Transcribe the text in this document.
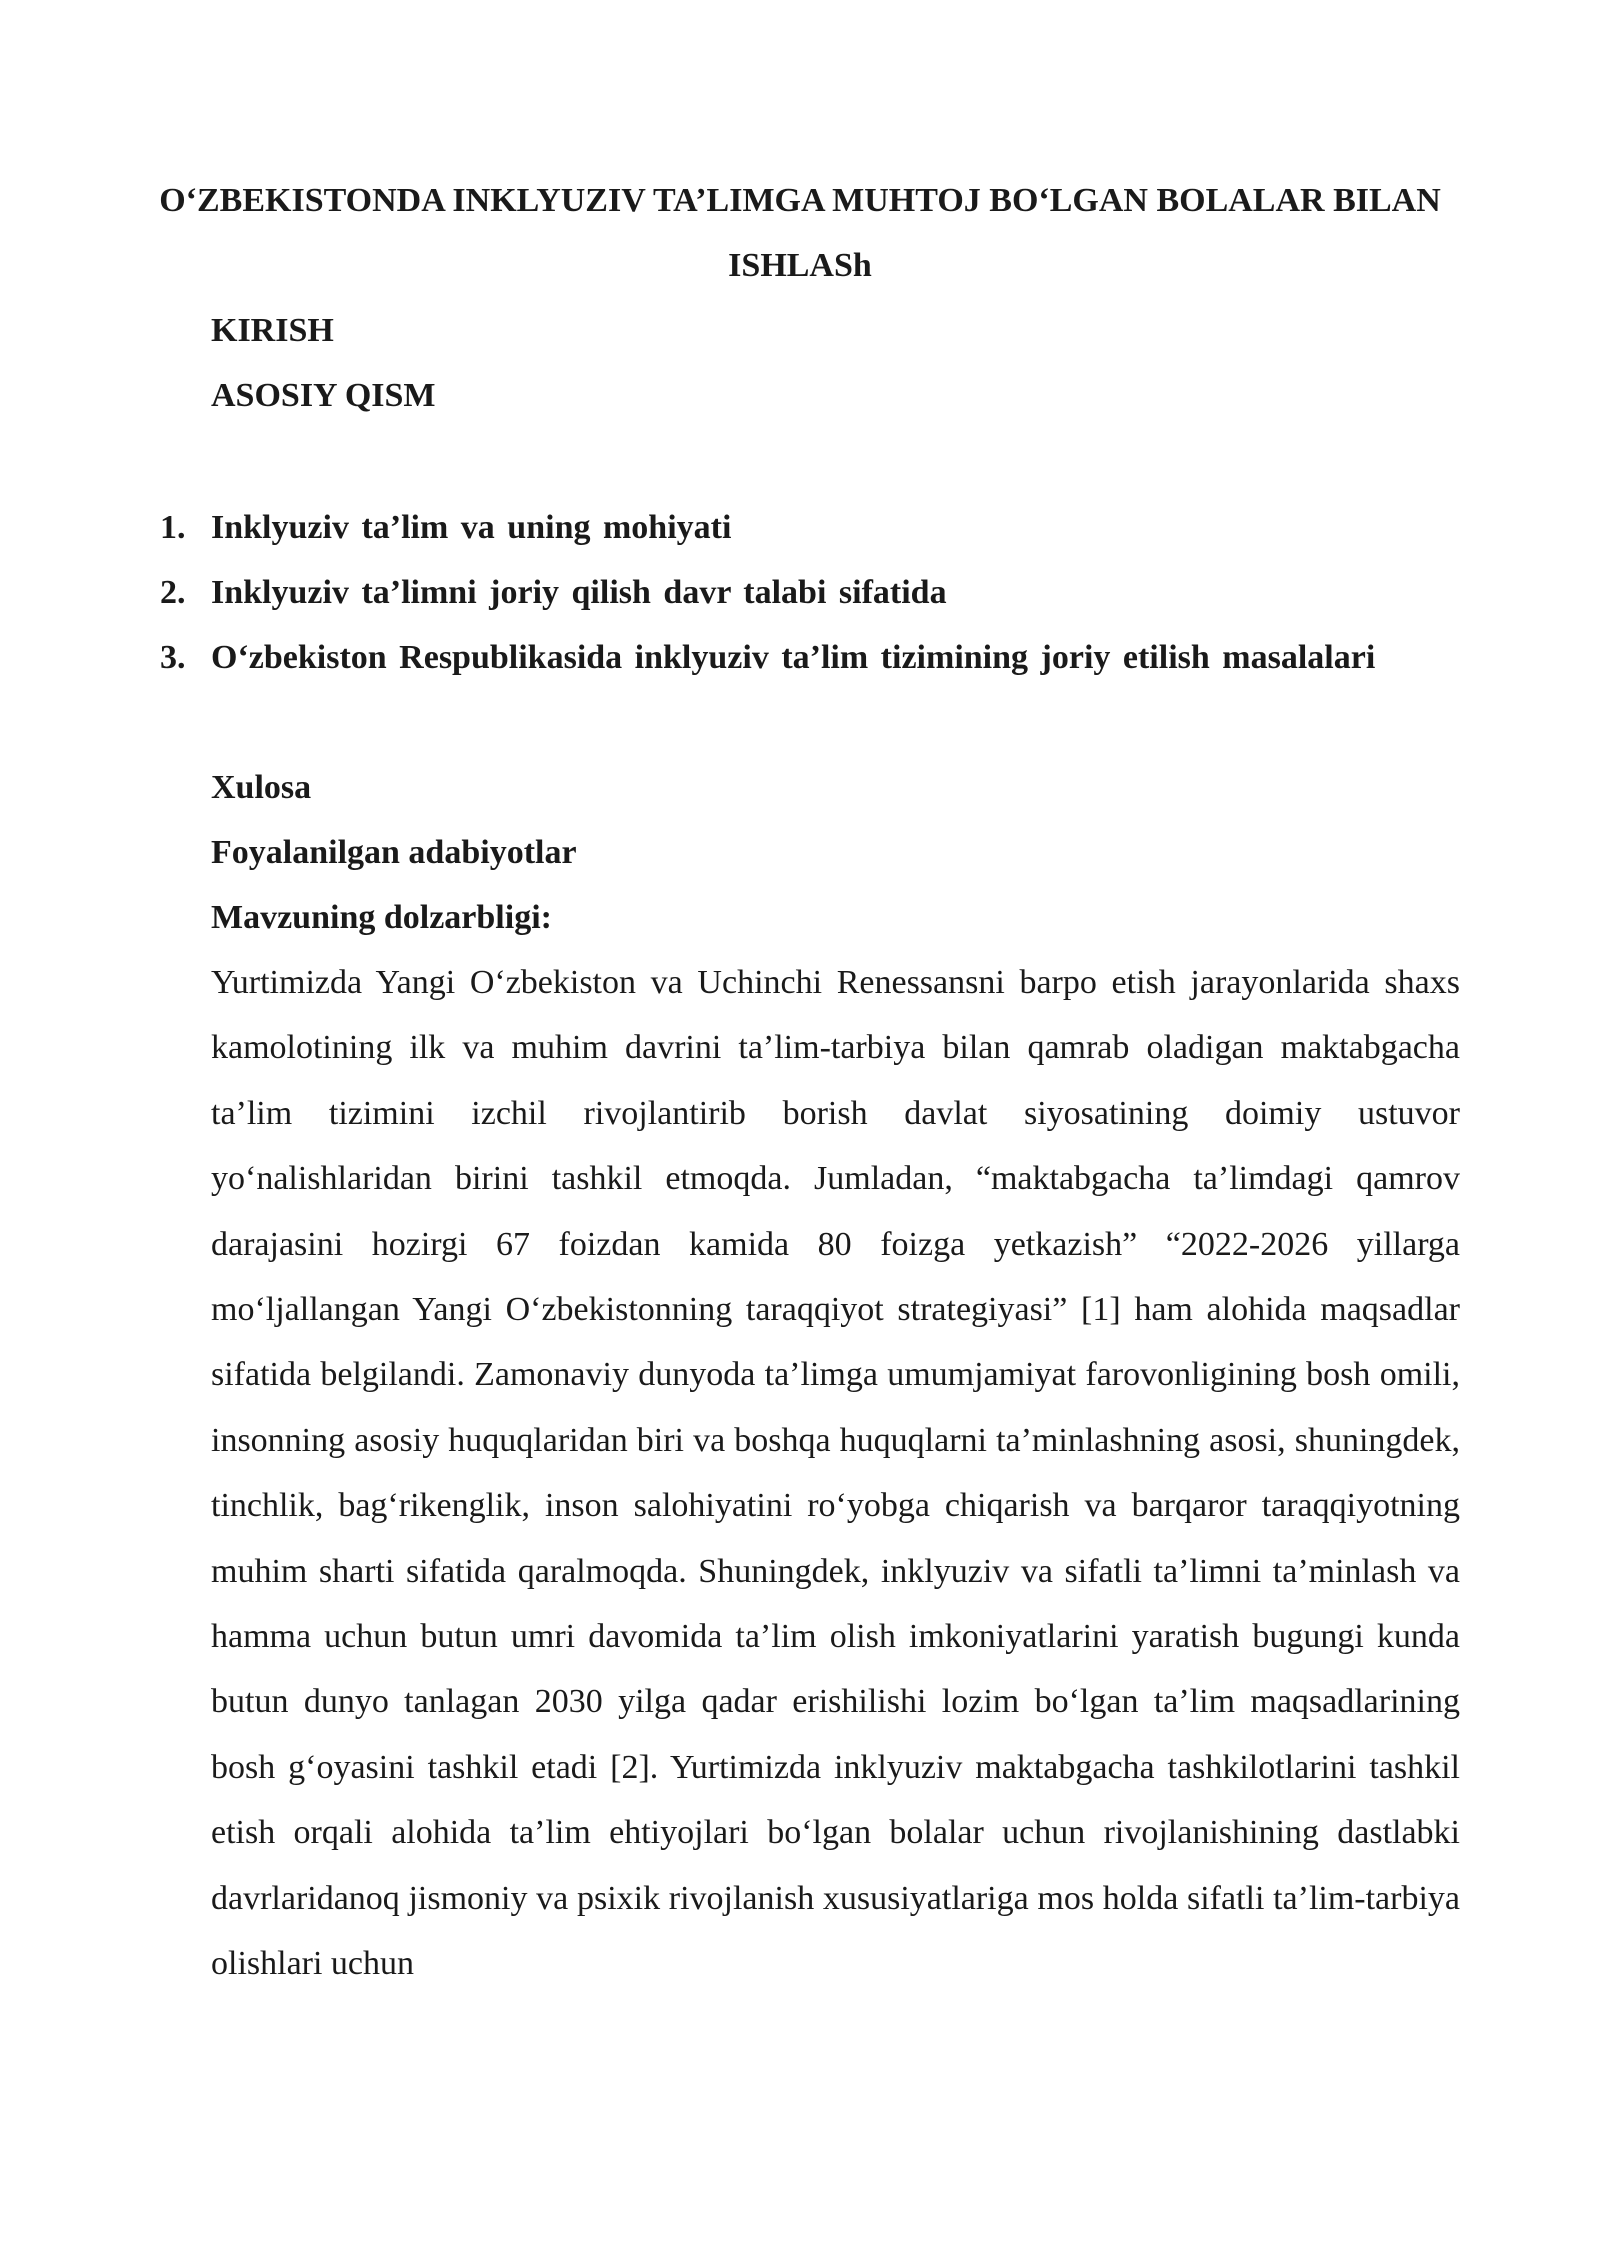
O‘ZBEKISTONDA INKLYUZIV TA’LIMGA MUHTOJ BO‘LGAN BOLALAR BILAN ISHLASh

KIRISH

ASOSIY QISM

1. Inklyuziv ta’lim va uning mohiyati
2. Inklyuziv ta’limni joriy qilish davr talabi sifatida
3. O‘zbekiston Respublikasida inklyuziv ta’lim tizimining joriy etilish masalalari

Xulosa

Foyalanilgan adabiyotlar

Mavzuning dolzarbligi:

Yurtimizda Yangi O‘zbekiston va Uchinchi Renessansni barpo etish jarayonlarida shaxs kamolotining ilk va muhim davrini ta’lim-tarbiya bilan qamrab oladigan maktabgacha ta’lim tizimini izchil rivojlantirib borish davlat siyosatining doimiy ustuvor yo‘nalishlaridan birini tashkil etmoqda. Jumladan, “maktabgacha ta’limdagi qamrov darajasini hozirgi 67 foizdan kamida 80 foizga yetkazish” “2022-2026 yillarga mo‘ljallangan Yangi O‘zbekistonning taraqqiyot strategiyasi” [1] ham alohida maqsadlar sifatida belgilandi. Zamonaviy dunyoda ta’limga umumjamiyat farovonligining bosh omili, insonning asosiy huquqlaridan biri va boshqa huquqlarni ta’minlashning asosi, shuningdek, tinchlik, bag‘rikenglik, inson salohiyatini ro‘yobga chiqarish va barqaror taraqqiyotning muhim sharti sifatida qaralmoqda. Shuningdek, inklyuziv va sifatli ta’limni ta’minlash va hamma uchun butun umri davomida ta’lim olish imkoniyatlarini yaratish bugungi kunda butun dunyo tanlagan 2030 yilga qadar erishilishi lozim bo‘lgan ta’lim maqsadlarining bosh g‘oyasini tashkil etadi [2]. Yurtimizda inklyuziv maktabgacha tashkilotlarini tashkil etish orqali alohida ta’lim ehtiyojlari bo‘lgan bolalar uchun rivojlanishining dastlabki davrlaridanoq jismoniy va psixik rivojlanish xususiyatlariga mos holda sifatli ta’lim-tarbiya olishlari uchun
